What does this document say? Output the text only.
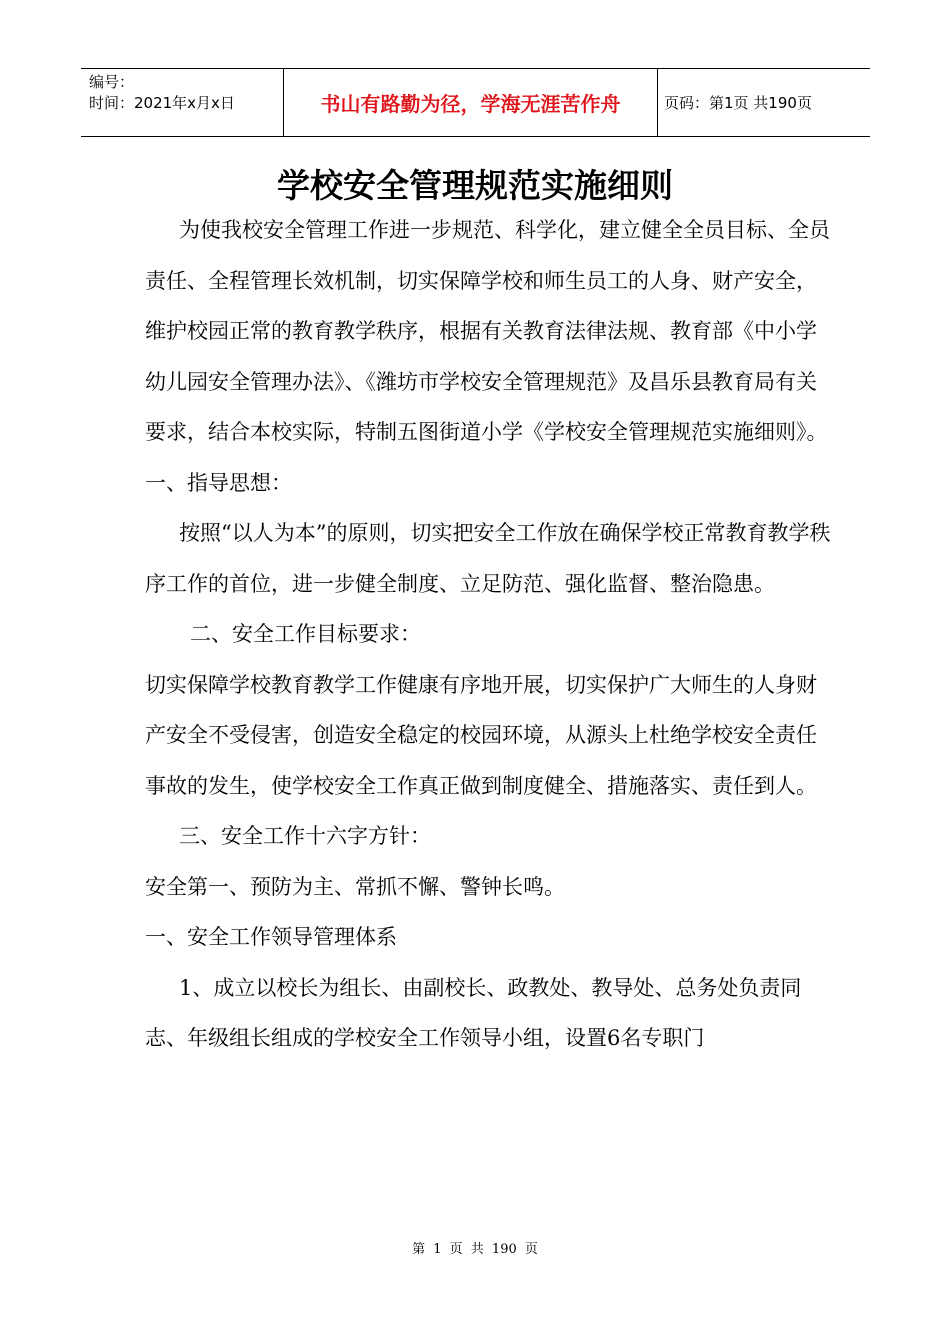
编号：
时间：2021年x月x日	书山有路勤为径，学海无涯苦作舟	页码：第1页 共190页
学校安全管理规范实施细则

为使我校安全管理工作进一步规范、科学化，建立健全全员目标、全员责任、全程管理长效机制，切实保障学校和师生员工的人身、财产安全，维护校园正常的教育教学秩序，根据有关教育法律法规、教育部《中小学幼儿园安全管理办法》、《潍坊市学校安全管理规范》及昌乐县教育局有关要求，结合本校实际，特制五图街道小学《学校安全管理规范实施细则》。

一、指导思想：

按照“以人为本”的原则，切实把安全工作放在确保学校正常教育教学秩序工作的首位，进一步健全制度、立足防范、强化监督、整治隐患。

二、安全工作目标要求：

切实保障学校教育教学工作健康有序地开展，切实保护广大师生的人身财产安全不受侵害，创造安全稳定的校园环境，从源头上杜绝学校安全责任事故的发生，使学校安全工作真正做到制度健全、措施落实、责任到人。

三、安全工作十六字方针：

安全第一、预防为主、常抓不懈、警钟长鸣。

一、安全工作领导管理体系

1、成立以校长为组长、由副校长、政教处、教导处、总务处负责同志、年级组长组成的学校安全工作领导小组，设置6名专职门

第 1 页 共 190 页
